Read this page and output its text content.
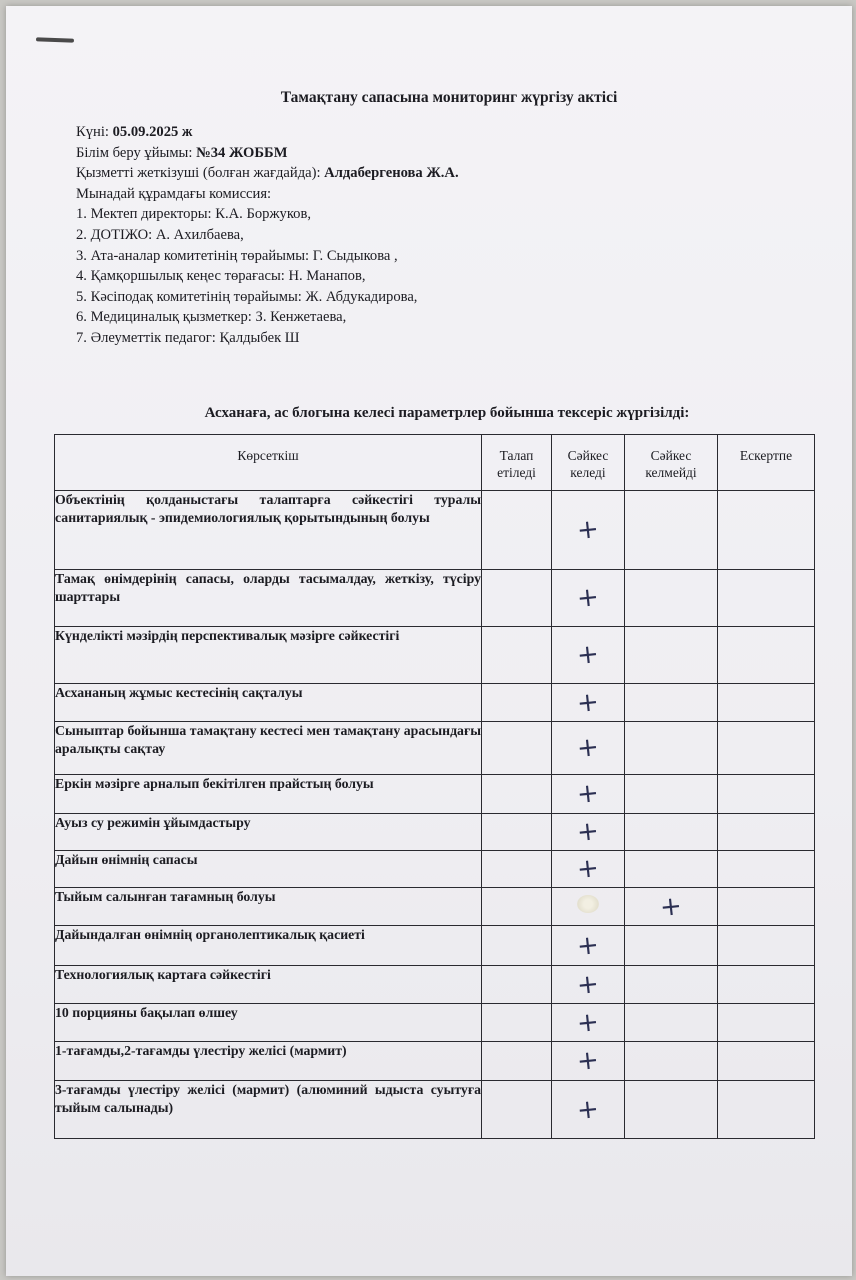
Тамақтану сапасына мониторинг жүргізу актісі
Күні: 05.09.2025 ж
Білім беру ұйымы: №34 ЖОББМ
Қызметті жеткізуші (болған жағдайда): Алдабергенова Ж.А.
Мынадай құрамдағы комиссия:
1. Мектеп директоры: К.А. Боржуков,
2. ДОТІЖО: А. Ахилбаева,
3. Ата-аналар комитетінің төрайымы: Г. Сыдыкова ,
4. Қамқоршылық кеңес төрағасы: Н. Манапов,
5. Кәсіподақ комитетінің төрайымы: Ж. Абдукадирова,
6. Медициналық қызметкер: З. Кенжетаева,
7. Әлеуметтік педагог: Қалдыбек Ш
Асханаға, ас блогына келесі параметрлер бойынша тексеріс жүргізілді:
Көрсеткіш	Талап етіледі	Сәйкес келеді	Сәйкес келмейді	Ескертпе
Объектінің қолданыстағы талаптарға сәйкестігі туралы санитариялық - эпидемиологиялық қорытындының болуы		+		
Тамақ өнімдерінің сапасы, оларды тасымалдау, жеткізу, түсіру шарттары		+		
Күнделікті мәзірдің перспективалық мәзірге сәйкестігі		+		
Асхананың жұмыс кестесінің сақталуы		+		
Сыныптар бойынша тамақтану кестесі мен тамақтану арасындағы аралықты сақтау		+		
Еркін мәзірге арналып бекітілген прайстың болуы		+		
Ауыз су режимін ұйымдастыру		+		
Дайын өнімнің сапасы		+		
Тыйым салынған тағамның болуы			+	
Дайындалған өнімнің органолептикалық қасиеті		+		
Технологиялық картаға сәйкестігі		+		
10 порцияны бақылап өлшеу		+		
1-тағамды,2-тағамды үлестіру желісі (мармит)		+		
3-тағамды үлестіру желісі (мармит) (алюминий ыдыста суытуға тыйым салынады)		+		
